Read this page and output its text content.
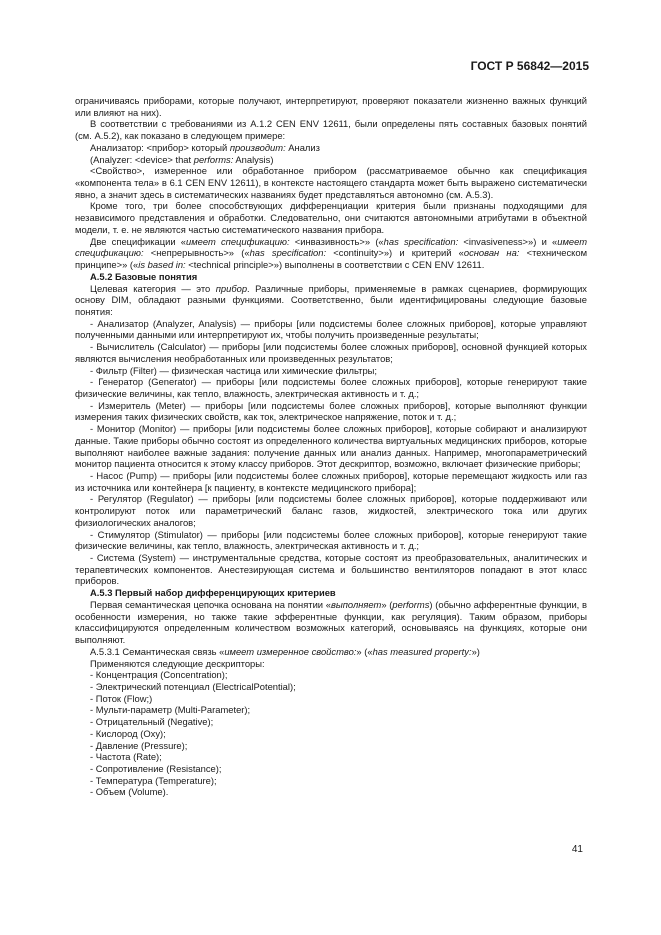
ГОСТ Р 56842—2015
ограничиваясь приборами, которые получают, интерпретируют, проверяют показатели жизненно важных функций или влияют на них).
В соответствии с требованиями из А.1.2 CEN ENV 12611, были определены пять составных базовых понятий (см. А.5.2), как показано в следующем примере:
Анализатор: <прибор> который производит: Анализ
(Analyzer: <device> that performs: Analysis)
<Свойство>, измеренное или обработанное прибором (рассматриваемое обычно как спецификация «компонента тела» в 6.1 CEN ENV 12611), в контексте настоящего стандарта может быть выражено систематически явно, а значит здесь в систематических названиях будет представляться автономно (см. А.5.3).
Кроме того, три более способствующих дифференциации критерия были признаны подходящими для независимого представления и обработки. Следовательно, они считаются автономными атрибутами в объектной модели, т. е. не являются частью систематического названия прибора.
Две спецификации «имеет спецификацию: <инвазивность>» («has specification: <invasiveness>») и «имеет спецификацию: <непрерывность>» («has specification: <continuity>») и критерий «основан на: <техническом принципе>» («is based in: <technical principle>») выполнены в соответствии с CEN ENV 12611.
А.5.2 Базовые понятия
Целевая категория — это прибор. Различные приборы, применяемые в рамках сценариев, формирующих основу DIM, обладают разными функциями. Соответственно, были идентифицированы следующие базовые понятия:
- Анализатор (Analyzer, Analysis) — приборы [или подсистемы более сложных приборов], которые управляют полученными данными или интерпретируют их, чтобы получить произведенные результаты;
- Вычислитель (Calculator) — приборы [или подсистемы более сложных приборов], основной функцией которых являются вычисления необработанных или произведенных результатов;
- Фильтр (Filter) — физическая частица или химические фильтры;
- Генератор (Generator) — приборы [или подсистемы более сложных приборов], которые генерируют такие физические величины, как тепло, влажность, электрическая активность и т. д.;
- Измеритель (Meter) — приборы [или подсистемы более сложных приборов], которые выполняют функции измерения таких физических свойств, как ток, электрическое напряжение, поток и т. д.;
- Монитор (Monitor) — приборы [или подсистемы более сложных приборов], которые собирают и анализируют данные. Такие приборы обычно состоят из определенного количества виртуальных медицинских приборов, которые выполняют наиболее важные задания: получение данных или анализ данных. Например, многопараметрический монитор пациента относится к этому классу приборов. Этот дескриптор, возможно, включает физические приборы;
- Насос (Pump) — приборы [или подсистемы более сложных приборов], которые перемещают жидкость или газ из источника или контейнера [к пациенту, в контексте медицинского прибора];
- Регулятор (Regulator) — приборы [или подсистемы более сложных приборов], которые поддерживают или контролируют поток или параметрический баланс газов, жидкостей, электрического тока или других физиологических аналогов;
- Стимулятор (Stimulator) — приборы [или подсистемы более сложных приборов], которые генерируют такие физические величины, как тепло, влажность, электрическая активность и т. д.;
- Система (System) — инструментальные средства, которые состоят из преобразовательных, аналитических и терапевтических компонентов. Анестезирующая система и большинство вентиляторов попадают в этот класс приборов.
А.5.3 Первый набор дифференцирующих критериев
Первая семантическая цепочка основана на понятии «выполняет» (performs) (обычно афферентные функции, в особенности измерения, но также такие эфферентные функции, как регуляция). Таким образом, приборы классифицируются определенным количеством возможных категорий, основываясь на функциях, которые они выполняют.
А.5.3.1 Семантическая связь «имеет измеренное свойство:» («has measured property:»)
Применяются следующие дескрипторы:
- Концентрация (Concentration);
- Электрический потенциал (ElectricalPotential);
- Поток (Flow;)
- Мульти-параметр (Multi-Parameter);
- Отрицательный (Negative);
- Кислород (Oxy);
- Давление (Pressure);
- Частота (Rate);
- Сопротивление (Resistance);
- Температура (Temperature);
- Объем (Volume).
41
